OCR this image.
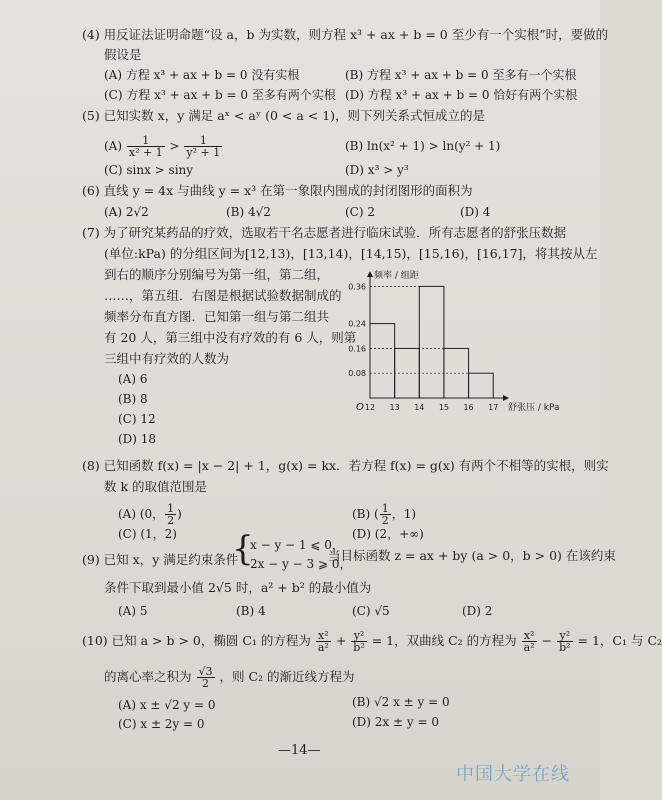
(4) 用反证法证明命题“设 a，b 为实数，则方程 x³ + ax + b = 0 至少有一个实根”时，要做的
假设是
(A) 方程 x³ + ax + b = 0 没有实根	(B) 方程 x³ + ax + b = 0 至多有一个实根
(C) 方程 x³ + ax + b = 0 至多有两个实根 (D) 方程 x³ + ax + b = 0 恰好有两个实根
(5) 已知实数 x，y 满足 aˣ < aʸ (0 < a < 1)，则下列关系式恒成立的是
$(A) \frac{1}{\text{x² + 1}} > \frac{1}{\text{y² + 1}}$	(B) ln(x² + 1) > ln(y² + 1)
(C) sinx > siny	(D) x³ > y³
(6) 直线 y = 4x 与曲线 y = x³ 在第一象限内围成的封闭图形的面积为
(A) 2√2	(B) 4√2	(C) 2	(D) 4
(7) 为了研究某药品的疗效，选取若干名志愿者进行临床试验．所有志愿者的舒张压数据
(单位:kPa) 的分组区间为[12,13)，[13,14)，[14,15)，[15,16)，[16,17]，将其按从左
到右的顺序分别编号为第一组，第二组，
……，第五组．右图是根据试验数据制成的
频率分布直方图．已知第一组与第二组共
有 20 人，第三组中没有疗效的有 6 人，则第
三组中有疗效的人数为
(A) 6
(B) 8
(C) 12
(D) 18
0.08
0.16
0.24
0.36
12 13 14 15 16 17
O
频率 / 组距
舒张压 / kPa
(8) 已知函数 f(x) = |x − 2| + 1，g(x) = kx．若方程 f(x) = g(x) 有两个不相等的实根，则实
数 k 的取值范围是
(A) (0， $\frac{1}{2}$ )	(B) ( $\frac{1}{2}$ ，1)
(C) (1，2)	(D) (2，+∞)
(9) 已知 x，y 满足约束条件
{
x − y − 1 ⩽ 0，
2x − y − 3 ⩾ 0，
当目标函数 z = ax + by (a > 0，b > 0) 在该约束
条件下取到最小值 2√5 时，a² + b² 的最小值为
(A) 5	(B) 4	(C) √5	(D) 2
(10) 已知 a > b > 0，椭圆 C₁ 的方程为 $\frac{\text{x²}}{\text{a²}} + \frac{\text{y²}}{\text{b²}} = 1$，双曲线 C₂ 的方程为 $\frac{\text{x²}}{\text{a²}} - \frac{\text{y²}}{\text{b²}} = 1$，C₁ 与 C₂
的离心率之积为 $\frac{√3}{2}$ ，则 C₂ 的渐近线方程为
(A) x ± √2 y = 0	(B) √2 x ± y = 0
(C) x ± 2y = 0	(D) 2x ± y = 0
—14—
中国大学在线
